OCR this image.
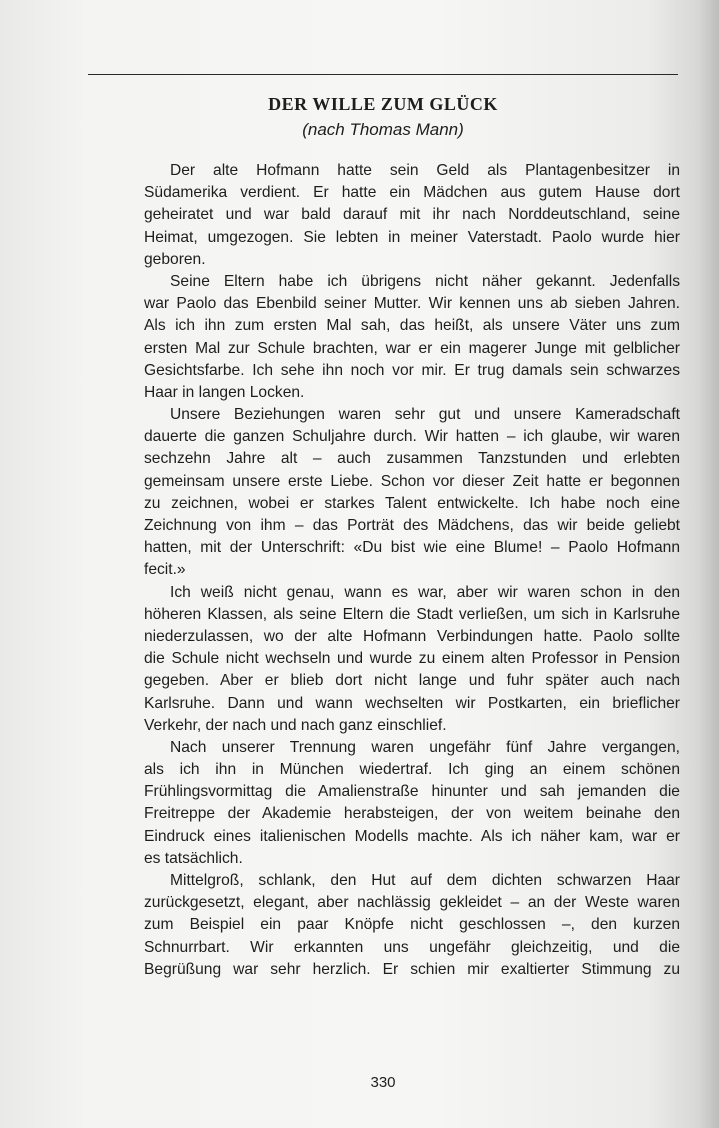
DER WILLE ZUM GLÜCK
(nach Thomas Mann)
Der alte Hofmann hatte sein Geld als Plantagenbesitzer in
Südamerika verdient. Er hatte ein Mädchen aus gutem Hause dort
geheiratet und war bald darauf mit ihr nach Norddeutschland, seine
Heimat, umgezogen. Sie lebten in meiner Vaterstadt. Paolo wurde hier
geboren.
Seine Eltern habe ich übrigens nicht näher gekannt. Jedenfalls
war Paolo das Ebenbild seiner Mutter. Wir kennen uns ab sieben Jahren.
Als ich ihn zum ersten Mal sah, das heißt, als unsere Väter uns zum
ersten Mal zur Schule brachten, war er ein magerer Junge mit gelblicher
Gesichtsfarbe. Ich sehe ihn noch vor mir. Er trug damals sein schwarzes
Haar in langen Locken.
Unsere Beziehungen waren sehr gut und unsere Kameradschaft
dauerte die ganzen Schuljahre durch. Wir hatten – ich glaube, wir waren
sechzehn Jahre alt – auch zusammen Tanzstunden und erlebten
gemeinsam unsere erste Liebe. Schon vor dieser Zeit hatte er begonnen
zu zeichnen, wobei er starkes Talent entwickelte. Ich habe noch eine
Zeichnung von ihm – das Porträt des Mädchens, das wir beide geliebt
hatten, mit der Unterschrift: «Du bist wie eine Blume! – Paolo Hofmann
fecit.»
Ich weiß nicht genau, wann es war, aber wir waren schon in den
höheren Klassen, als seine Eltern die Stadt verließen, um sich in Karlsruhe
niederzulassen, wo der alte Hofmann Verbindungen hatte. Paolo sollte
die Schule nicht wechseln und wurde zu einem alten Professor in Pension
gegeben. Aber er blieb dort nicht lange und fuhr später auch nach
Karlsruhe. Dann und wann wechselten wir Postkarten, ein brieflicher
Verkehr, der nach und nach ganz einschlief.
Nach unserer Trennung waren ungefähr fünf Jahre vergangen,
als ich ihn in München wiedertraf. Ich ging an einem schönen
Frühlingsvormittag die Amalienstraße hinunter und sah jemanden die
Freitreppe der Akademie herabsteigen, der von weitem beinahe den
Eindruck eines italienischen Modells machte. Als ich näher kam, war er
es tatsächlich.
Mittelgroß, schlank, den Hut auf dem dichten schwarzen Haar
zurückgesetzt, elegant, aber nachlässig gekleidet – an der Weste waren
zum Beispiel ein paar Knöpfe nicht geschlossen –, den kurzen
Schnurrbart. Wir erkannten uns ungefähr gleichzeitig, und die
Begrüßung war sehr herzlich. Er schien mir exaltierter Stimmung zu
330
